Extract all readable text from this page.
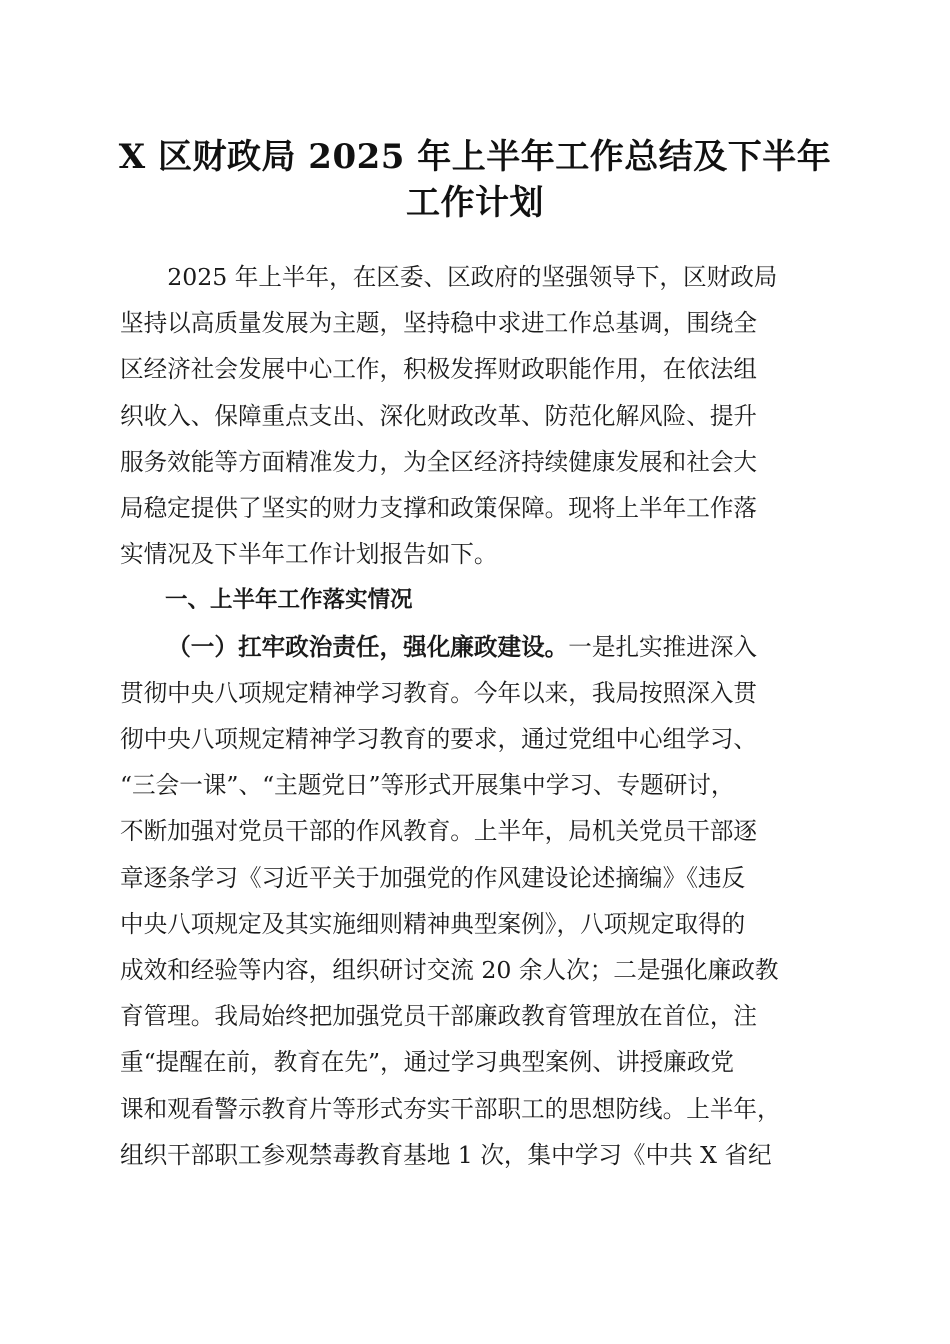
X 区财政局 2025 年上半年工作总结及下半年
工作计划
2025 年上半年，在区委、区政府的坚强领导下，区财政局
坚持以高质量发展为主题，坚持稳中求进工作总基调，围绕全
区经济社会发展中心工作，积极发挥财政职能作用，在依法组
织收入、保障重点支出、深化财政改革、防范化解风险、提升
服务效能等方面精准发力，为全区经济持续健康发展和社会大
局稳定提供了坚实的财力支撑和政策保障。现将上半年工作落
实情况及下半年工作计划报告如下。
一、上半年工作落实情况
（一）扛牢政治责任，强化廉政建设。一是扎实推进深入
贯彻中央八项规定精神学习教育。今年以来，我局按照深入贯
彻中央八项规定精神学习教育的要求，通过党组中心组学习、
“三会一课”、“主题党日”等形式开展集中学习、专题研讨，
不断加强对党员干部的作风教育。上半年，局机关党员干部逐
章逐条学习《习近平关于加强党的作风建设论述摘编》《违反
中央八项规定及其实施细则精神典型案例》，八项规定取得的
成效和经验等内容，组织研讨交流 20 余人次；二是强化廉政教
育管理。我局始终把加强党员干部廉政教育管理放在首位，注
重“提醒在前，教育在先”，通过学习典型案例、讲授廉政党
课和观看警示教育片等形式夯实干部职工的思想防线。上半年，
组织干部职工参观禁毒教育基地 1 次，集中学习《中共 X 省纪
